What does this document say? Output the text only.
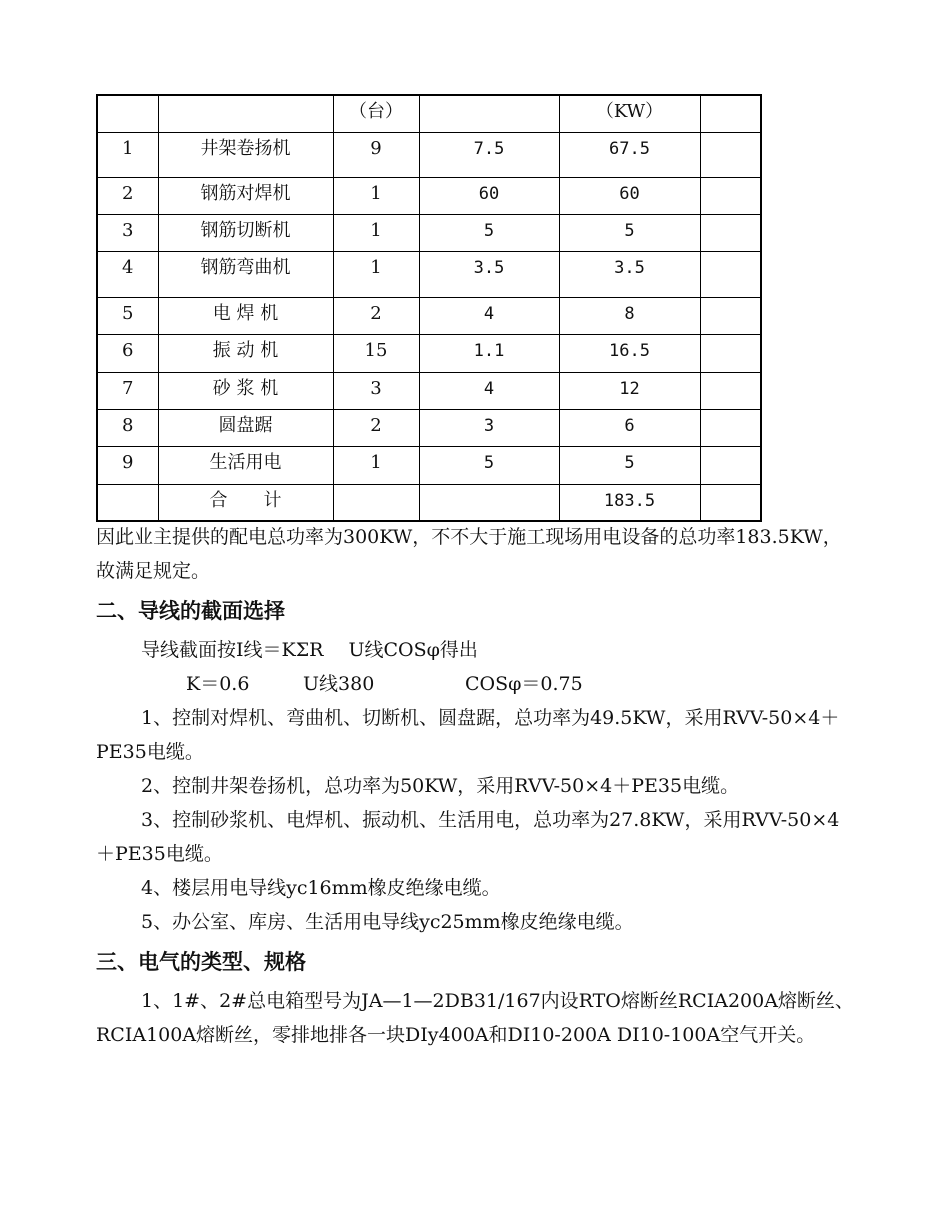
		（台）		（KW）	
1	井架卷扬机	9	7.5	67.5	
2	钢筋对焊机	1	60	60	
3	钢筋切断机	1	5	5	
4	钢筋弯曲机	1	3.5	3.5	
5	电 焊 机	2	4	8	
6	振 动 机	15	1.1	16.5	
7	砂 浆 机	3	4	12	
8	圆盘踞	2	3	6	
9	生活用电	1	5	5	
	合　　计			183.5	

因此业主提供的配电总功率为300KW，不不大于施工现场用电设备的总功率183.5KW，故满足规定。

二、导线的截面选择

导线截面按Ι线＝KΣR　 U线COSφ得出

K＝0.6	U线380	COSφ＝0.75

1、控制对焊机、弯曲机、切断机、圆盘踞，总功率为49.5KW，采用RVV-50×4＋PE35电缆。

2、控制井架卷扬机，总功率为50KW，采用RVV-50×4＋PE35电缆。

3、控制砂浆机、电焊机、振动机、生活用电，总功率为27.8KW，采用RVV-50×4＋PE35电缆。

4、楼层用电导线yc16mm橡皮绝缘电缆。

5、办公室、库房、生活用电导线yc25mm橡皮绝缘电缆。

三、电气的类型、规格

1、1#、2#总电箱型号为JA—1—2DB31/167内设RTO熔断丝RCIA200A熔断丝、RCIA100A熔断丝，零排地排各一块DIy400A和DI10-200A DI10-100A空气开关。
